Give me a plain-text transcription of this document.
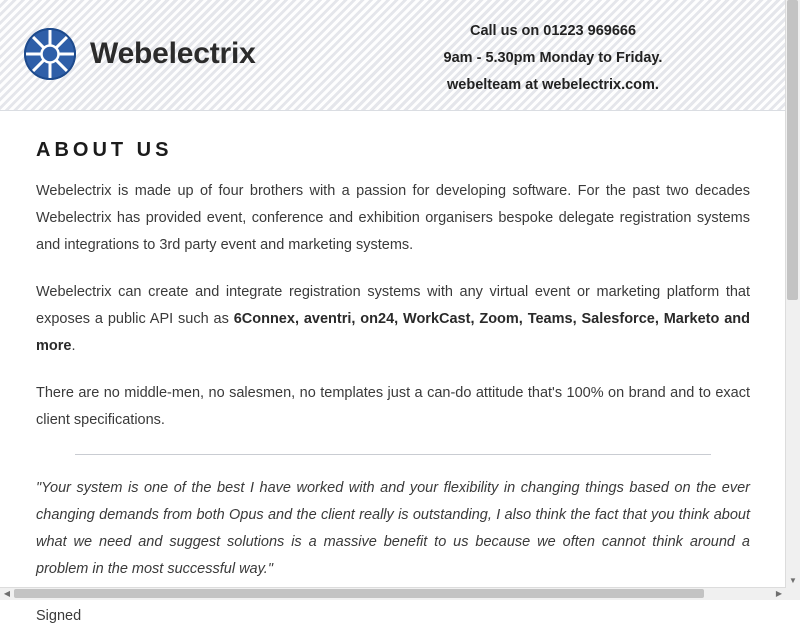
Webelectrix
Call us on 01223 969666
9am - 5.30pm Monday to Friday.
webelteam at webelectrix.com.
ABOUT US

Webelectrix is made up of four brothers with a passion for developing software. For the past two decades Webelectrix has provided event, conference and exhibition organisers bespoke delegate registration systems and integrations to 3rd party event and marketing systems.

Webelectrix can create and integrate registration systems with any virtual event or marketing platform that exposes a public API such as 6Connex, aventri, on24, WorkCast, Zoom, Teams, Salesforce, Marketo and more.

There are no middle-men, no salesmen, no templates just a can-do attitude that's 100% on brand and to exact client specifications.

"Your system is one of the best I have worked with and your flexibility in changing things based on the ever changing demands from both Opus and the client really is outstanding, I also think the fact that you think about what we need and suggest solutions is a massive benefit to us because we often cannot think around a problem in the most successful way."

Signed

▼
◀	▶
